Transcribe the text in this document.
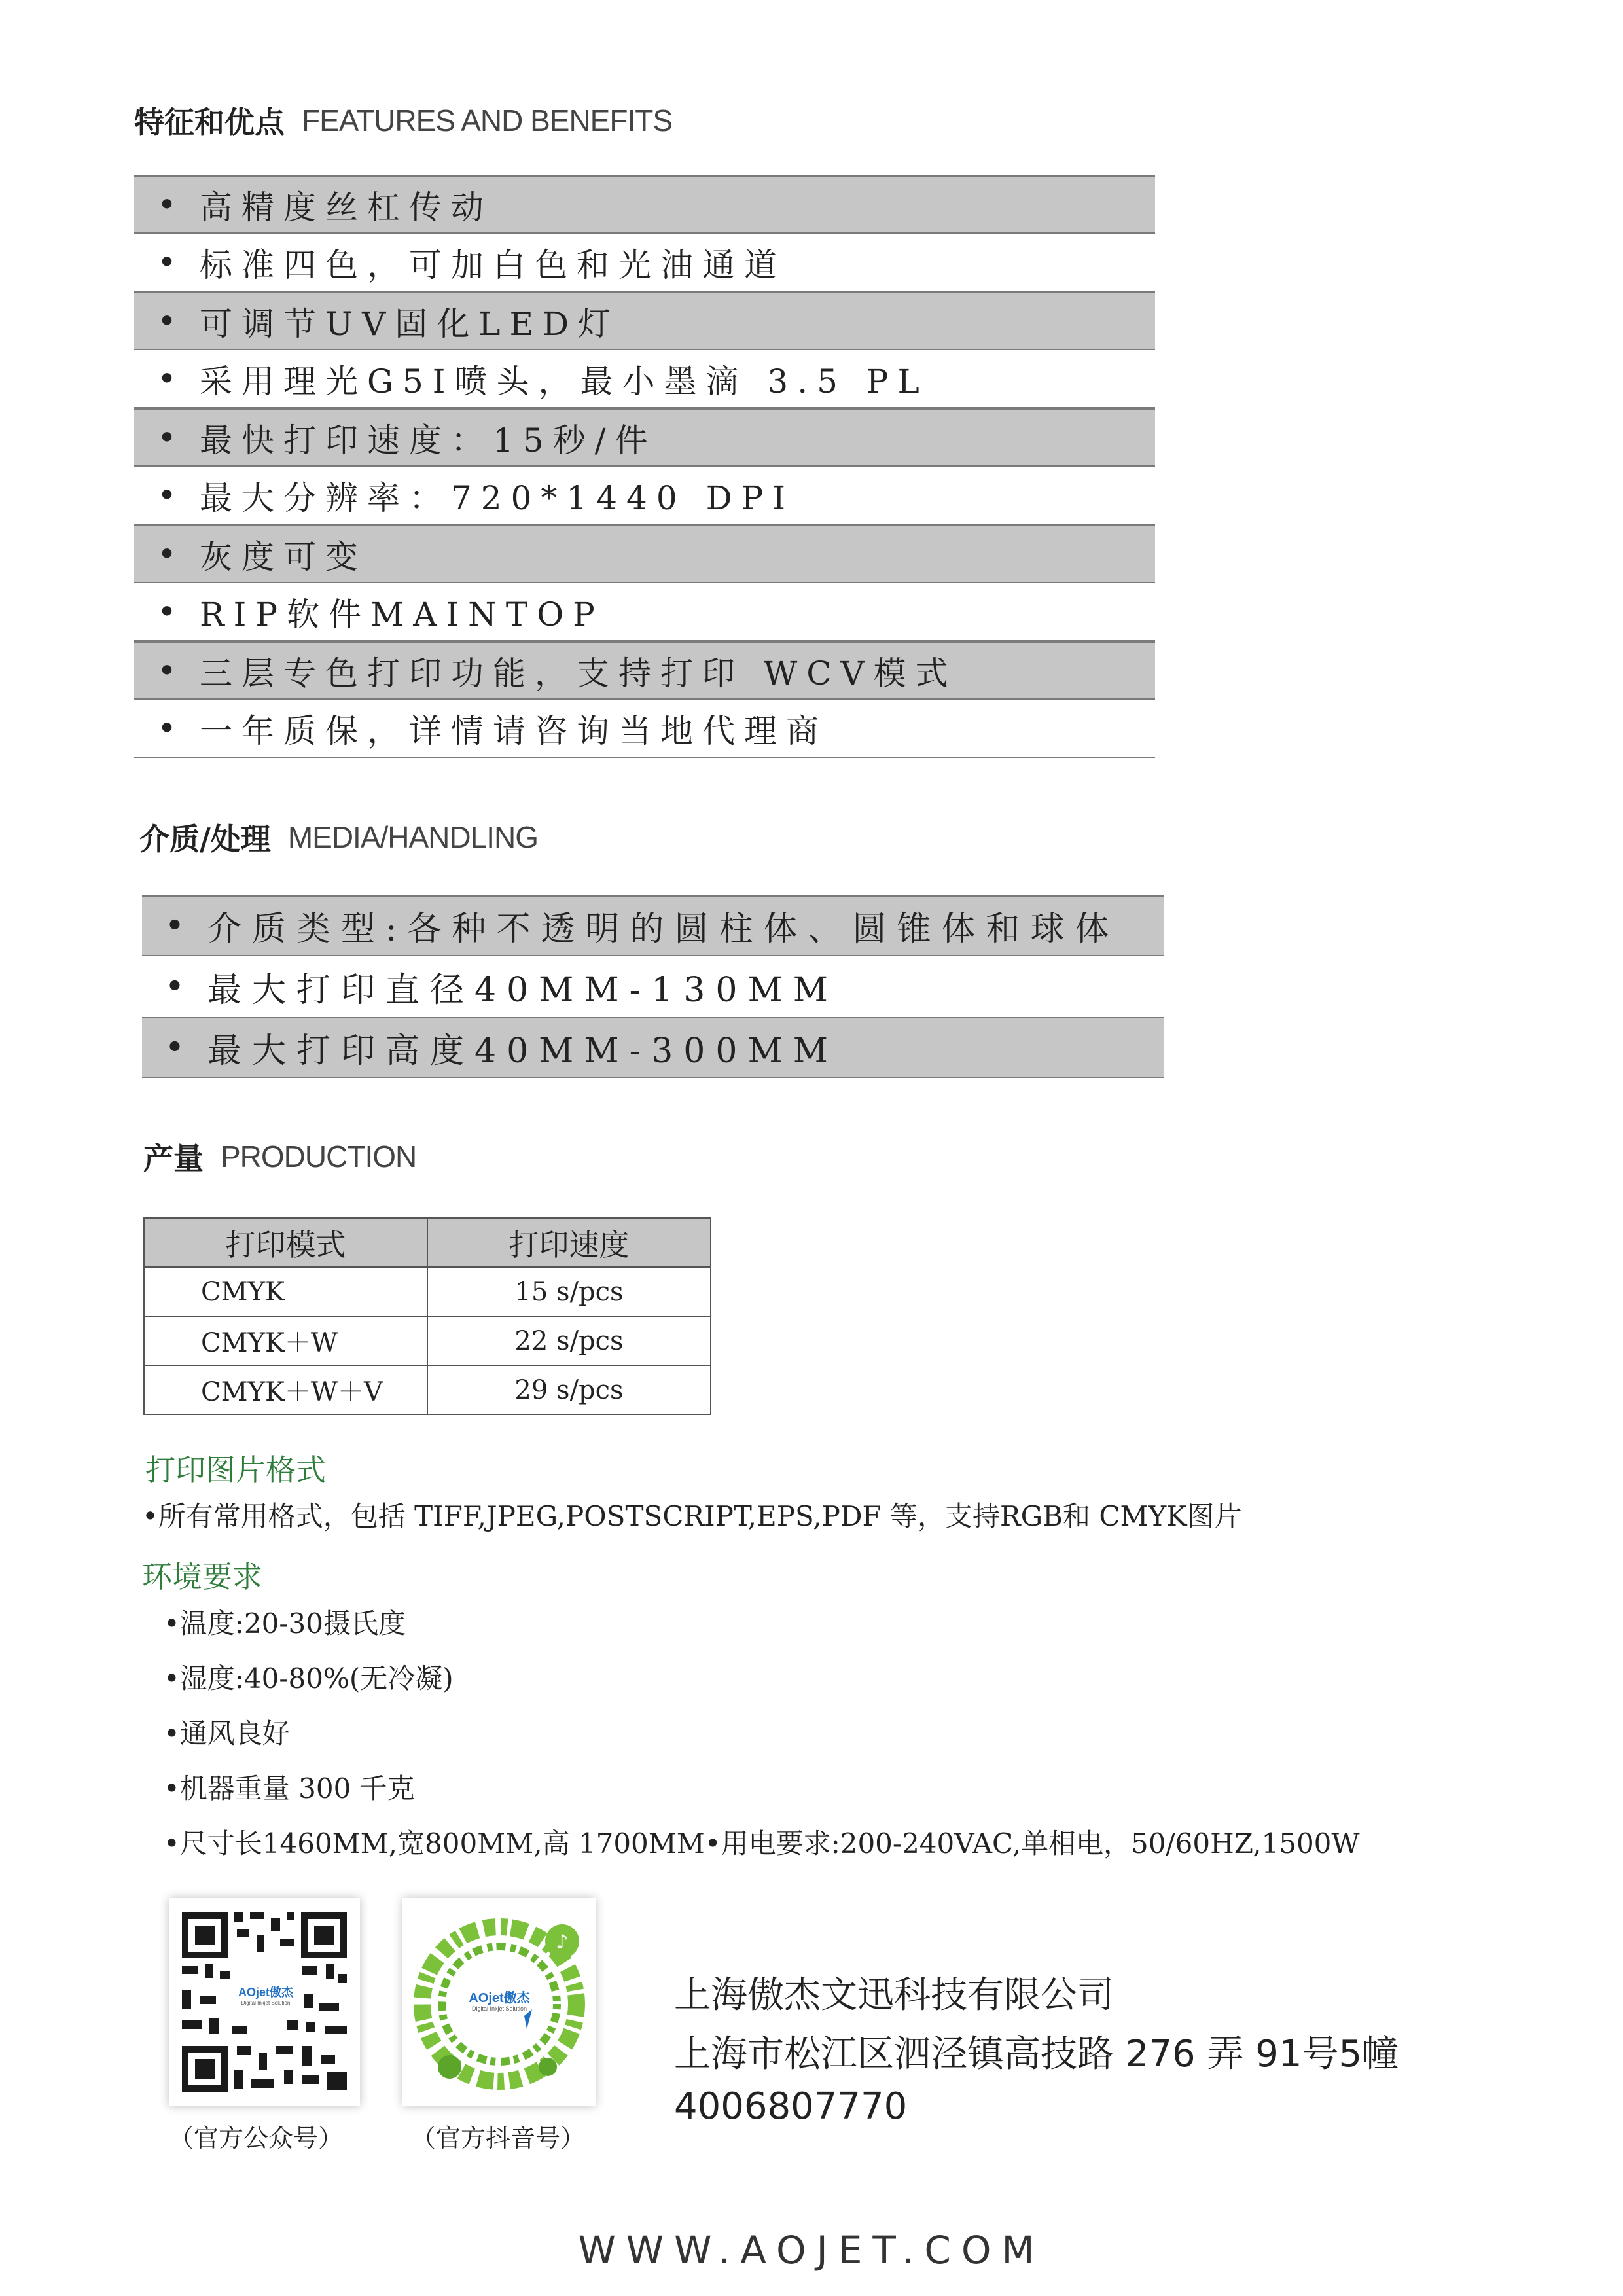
特征和优点 FEATURES AND BENEFITS
• 高精度丝杠传动
• 标准四色，可加白色和光油通道
• 可调节UV固化LED灯
• 采用理光G5I喷头，最小墨滴 3.5 PL
• 最快打印速度：15秒/件
• 最大分辨率：720*1440 DPI
• 灰度可变
• RIP软件MAINTOP
• 三层专色打印功能，支持打印 WCV模式
• 一年质保，详情请咨询当地代理商
介质/处理 MEDIA/HANDLING
• 介质类型:各种不透明的圆柱体、圆锥体和球体
• 最大打印直径40MM-130MM
• 最大打印高度40MM-300MM
产量 PRODUCTION
打印模式	打印速度
CMYK	15 s/pcs
CMYK＋W	22 s/pcs
CMYK＋W＋V	29 s/pcs
打印图片格式
•所有常用格式，包括 TIFF,JPEG,POSTSCRIPT,EPS,PDF 等，支持RGB和 CMYK图片
环境要求
•温度:20-30摄氏度
•湿度:40-80%(无冷凝)
•通风良好
•机器重量 300 千克
•尺寸长1460MM,宽800MM,高 1700MM•用电要求:200-240VAC,单相电，50/60HZ,1500W
AOjet傲杰
Digital Inkjet Solution
（官方公众号）
♪
AOjet傲杰
Digital Inkjet Solution
（官方抖音号）
上海傲杰文迅科技有限公司
上海市松江区泗泾镇高技路 276 弄 91号5幢
4006807770
WWW.AOJET.COM
